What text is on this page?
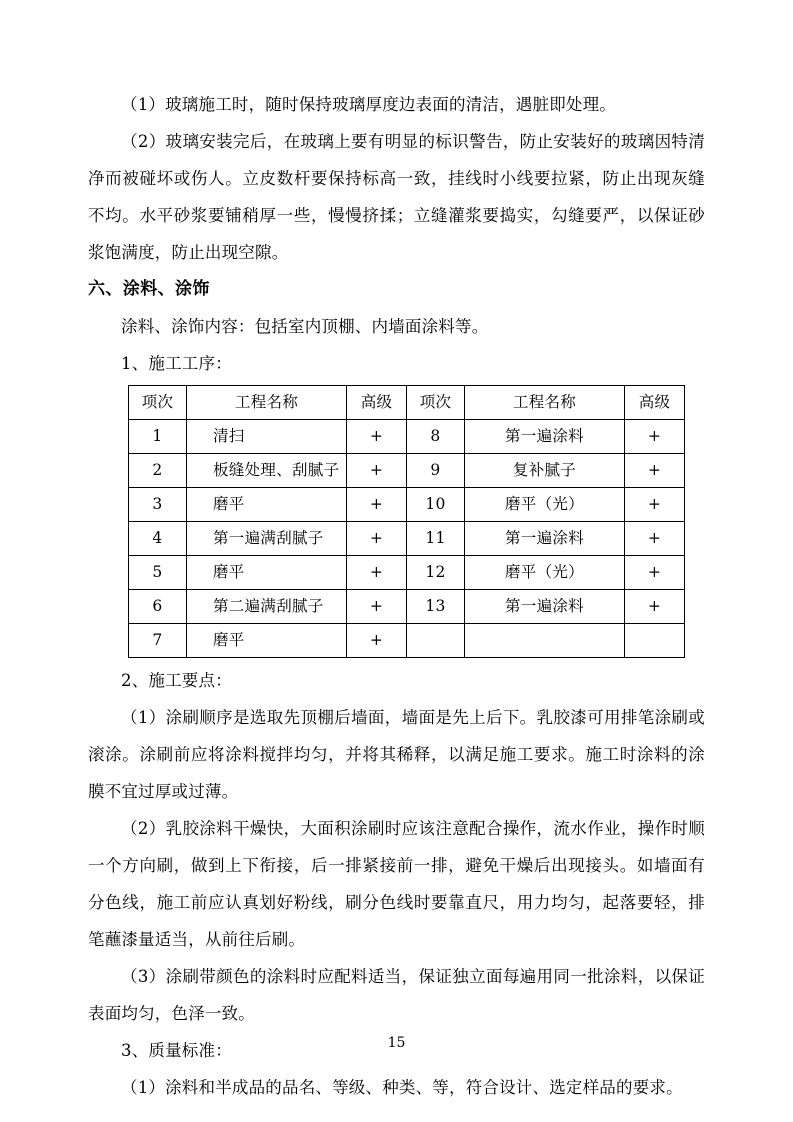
（1）玻璃施工时，随时保持玻璃厚度边表面的清洁，遇脏即处理。

（2）玻璃安装完后，在玻璃上要有明显的标识警告，防止安装好的玻璃因特清净而被碰坏或伤人。立皮数杆要保持标高一致，挂线时小线要拉紧，防止出现灰缝不均。水平砂浆要铺稍厚一些，慢慢挤揉；立缝灌浆要捣实，勾缝要严，以保证砂浆饱满度，防止出现空隙。

六、涂料、涂饰

涂料、涂饰内容：包括室内顶棚、内墙面涂料等。

1、施工工序：

项次	工程名称	高级	项次	工程名称	高级
1	清扫	+	8	第一遍涂料	+
2	板缝处理、刮腻子	+	9	复补腻子	+
3	磨平	+	10	磨平（光）	+
4	第一遍满刮腻子	+	11	第一遍涂料	+
5	磨平	+	12	磨平（光）	+
6	第二遍满刮腻子	+	13	第一遍涂料	+
7	磨平	+			

2、施工要点：

（1）涂刷顺序是选取先顶棚后墙面，墙面是先上后下。乳胶漆可用排笔涂刷或滚涂。涂刷前应将涂料搅拌均匀，并将其稀释，以满足施工要求。施工时涂料的涂膜不宜过厚或过薄。

（2）乳胶涂料干燥快，大面积涂刷时应该注意配合操作，流水作业，操作时顺一个方向刷，做到上下衔接，后一排紧接前一排，避免干燥后出现接头。如墙面有分色线，施工前应认真划好粉线，刷分色线时要靠直尺，用力均匀，起落要轻，排笔蘸漆量适当，从前往后刷。

（3）涂刷带颜色的涂料时应配料适当，保证独立面每遍用同一批涂料，以保证表面均匀，色泽一致。

3、质量标准：

（1）涂料和半成品的品名、等级、种类、等，符合设计、选定样品的要求。

15
